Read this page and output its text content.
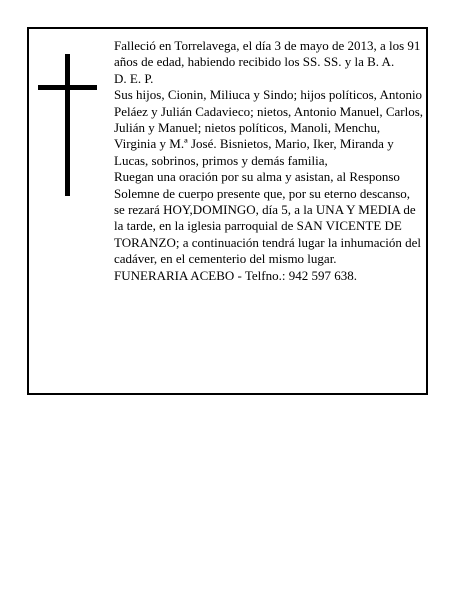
Falleció en Torrelavega, el día 3 de mayo de 2013, a los 91 años de edad, habiendo recibido los SS. SS. y la B. A.

D. E. P.

Sus hijos, Cionin, Miliuca y Sindo; hijos políticos, Antonio Peláez y Julián Cadavieco; nietos, Antonio Manuel, Carlos, Julián y Manuel; nietos políticos, Manoli, Menchu, Virginia y M.ª José. Bisnietos, Mario, Iker, Miranda y Lucas, sobrinos, primos y demás familia,

Ruegan una oración por su alma y asistan, al Responso Solemne de cuerpo presente que, por su eterno descanso, se rezará HOY,DOMINGO, día 5, a la UNA Y MEDIA de la tarde, en la iglesia parroquial de SAN VICENTE DE TORANZO; a continuación tendrá lugar la inhumación del cadáver, en el cementerio del mismo lugar.

FUNERARIA ACEBO - Telfno.: 942 597 638.
